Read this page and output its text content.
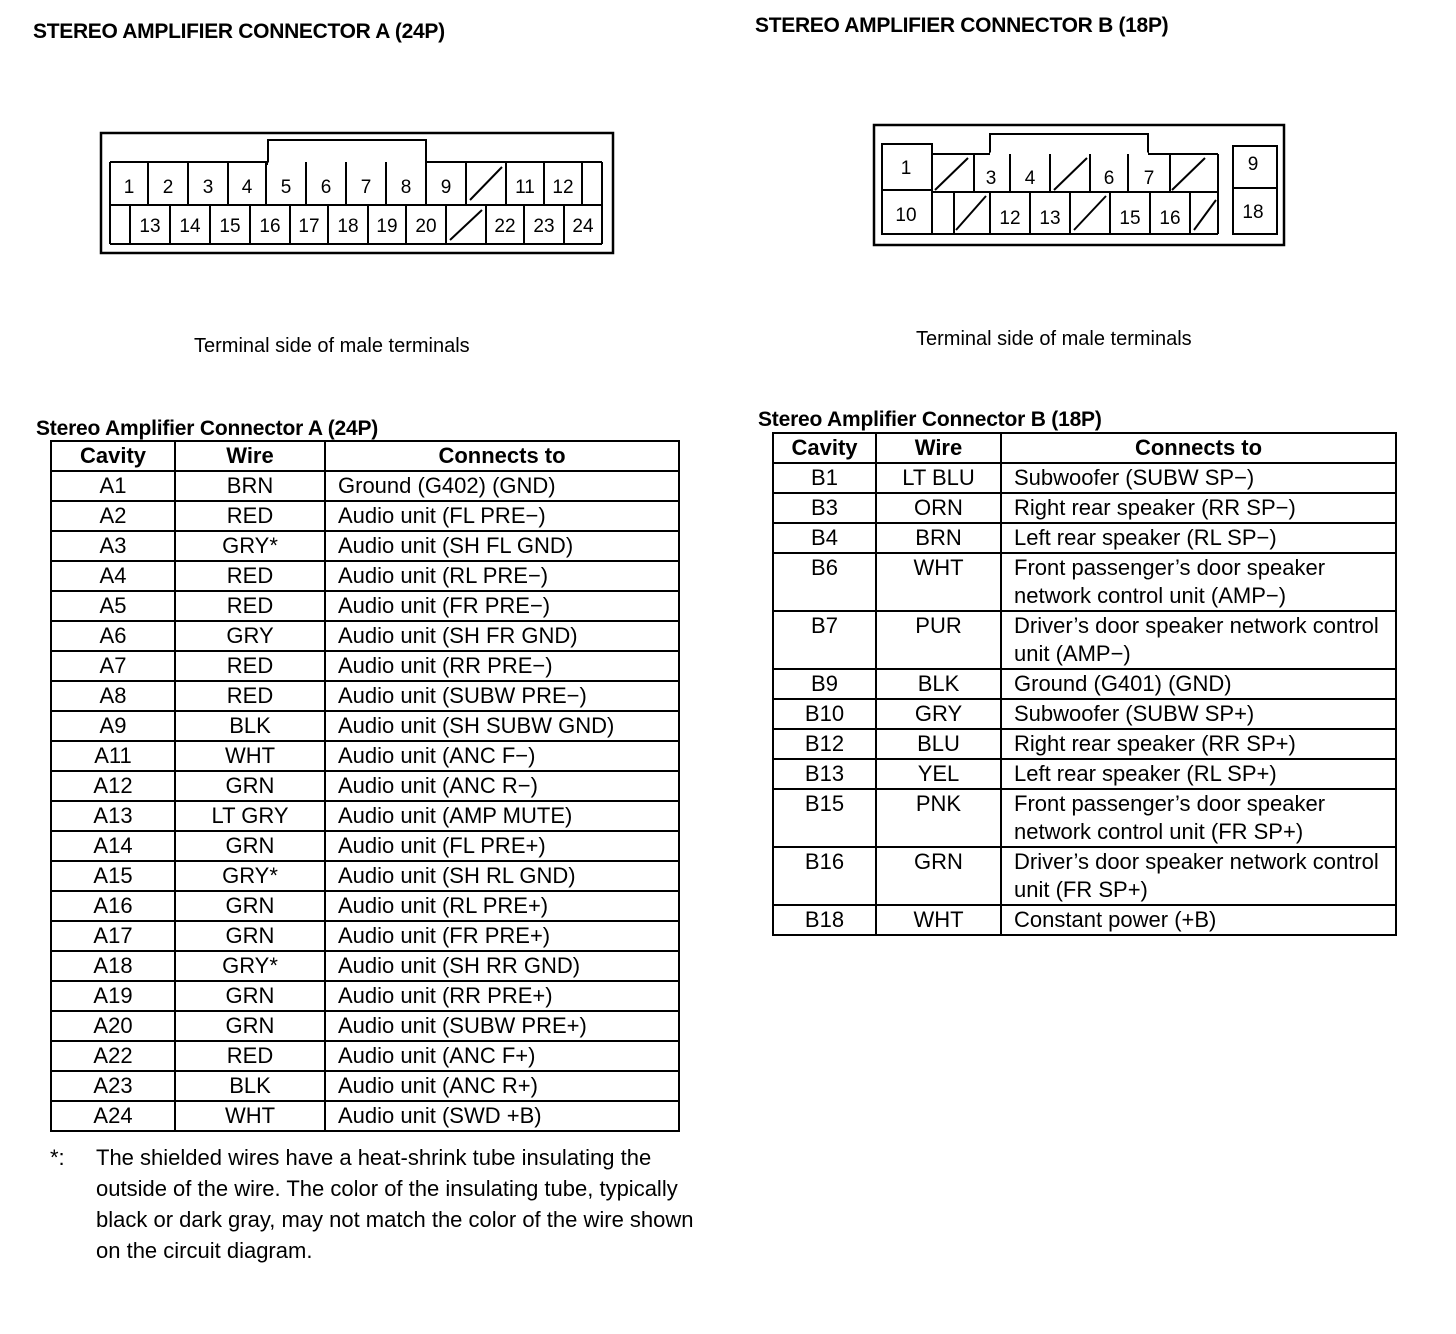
STEREO AMPLIFIER CONNECTOR A (24P)	STEREO AMPLIFIER CONNECTOR B (18P)
1 2 3 4 5 6 7 8 9	11 12
13 14 15 16 17 18 19 20	22 23 24
Terminal side of male terminals
1	3 4	6 7
9
10	12 13	15 16	18
Terminal side of male terminals
Stereo Amplifier Connector A (24P)
Cavity	Wire	Connects to
A1	BRN	Ground (G402) (GND)
A2	RED	Audio unit (FL PRE−)
A3	GRY*	Audio unit (SH FL GND)
A4	RED	Audio unit (RL PRE−)
A5	RED	Audio unit (FR PRE−)
A6	GRY	Audio unit (SH FR GND)
A7	RED	Audio unit (RR PRE−)
A8	RED	Audio unit (SUBW PRE−)
A9	BLK	Audio unit (SH SUBW GND)
A11	WHT	Audio unit (ANC F−)
A12	GRN	Audio unit (ANC R−)
A13	LT GRY	Audio unit (AMP MUTE)
A14	GRN	Audio unit (FL PRE+)
A15	GRY*	Audio unit (SH RL GND)
A16	GRN	Audio unit (RL PRE+)
A17	GRN	Audio unit (FR PRE+)
A18	GRY*	Audio unit (SH RR GND)
A19	GRN	Audio unit (RR PRE+)
A20	GRN	Audio unit (SUBW PRE+)
A22	RED	Audio unit (ANC F+)
A23	BLK	Audio unit (ANC R+)
A24	WHT	Audio unit (SWD +B)
Stereo Amplifier Connector B (18P)
Cavity	Wire	Connects to
B1	LT BLU	Subwoofer (SUBW SP−)
B3	ORN	Right rear speaker (RR SP−)
B4	BRN	Left rear speaker (RL SP−)
B6	WHT	Front passenger’s door speaker network control unit (AMP−)
B7	PUR	Driver’s door speaker network control unit (AMP−)
B9	BLK	Ground (G401) (GND)
B10	GRY	Subwoofer (SUBW SP+)
B12	BLU	Right rear speaker (RR SP+)
B13	YEL	Left rear speaker (RL SP+)
B15	PNK	Front passenger’s door speaker network control unit (FR SP+)
B16	GRN	Driver’s door speaker network control unit (FR SP+)
B18	WHT	Constant power (+B)
*: The shielded wires have a heat-shrink tube insulating the outside of the wire. The color of the insulating tube, typically black or dark gray, may not match the color of the wire shown on the circuit diagram.
